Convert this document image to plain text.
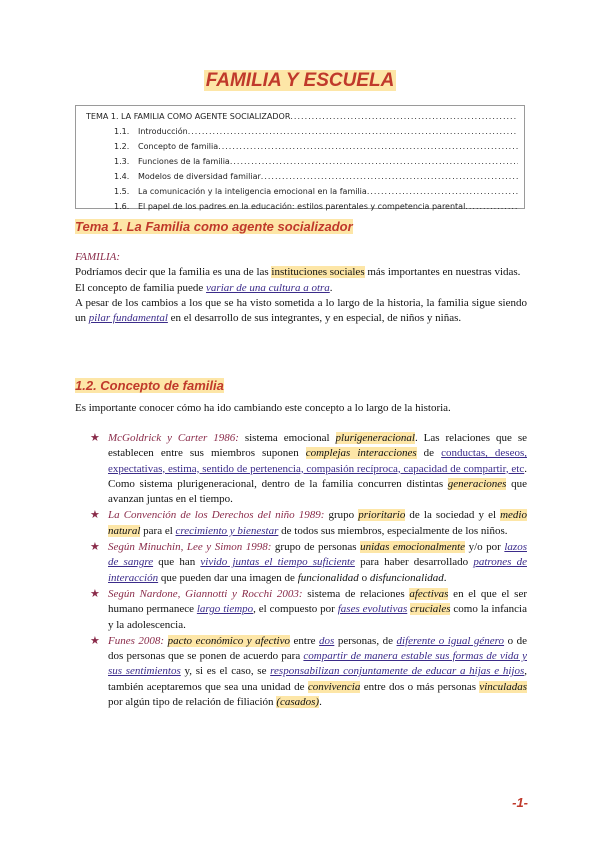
FAMILIA Y ESCUELA
TEMA 1. LA FAMILIA COMO AGENTE SOCIALIZADOR
.....
1.1.	Introducción
.....
1.2.	Concepto de familia
.....
1.3.	Funciones de la familia
.....
1.4.	Modelos de diversidad familiar
.....
1.5.	La comunicación y la inteligencia emocional en la familia
.....
1.6.	El papel de los padres en la educación: estilos parentales y competencia parental
.....
Tema 1. La Familia como agente socializador

FAMILIA:

Podríamos decir que la familia es una de las instituciones sociales más importantes en nuestras vidas.

El concepto de familia puede variar de una cultura a otra.

A pesar de los cambios a los que se ha visto sometida a lo largo de la historia, la familia sigue siendo un pilar fundamental en el desarrollo de sus integrantes, y en especial, de niños y niñas.

1.2. Concepto de familia

Es importante conocer cómo ha ido cambiando este concepto a lo largo de la historia.

★ McGoldrick y Carter 1986: sistema emocional plurigeneracional. Las relaciones que se establecen entre sus miembros suponen complejas interacciones de conductas, deseos, expectativas, estima, sentido de pertenencia, compasión recíproca, capacidad de compartir, etc. Como sistema plurigeneracional, dentro de la familia concurren distintas generaciones que avanzan juntas en el tiempo.
★ La Convención de los Derechos del niño 1989: grupo prioritario de la sociedad y el medio natural para el crecimiento y bienestar de todos sus miembros, especialmente de los niños.
★ Según Minuchin, Lee y Simon 1998: grupo de personas unidas emocionalmente y/o por lazos de sangre que han vivido juntas el tiempo suficiente para haber desarrollado patrones de interacción que pueden dar una imagen de funcionalidad o disfuncionalidad.
★ Según Nardone, Giannotti y Rocchi 2003: sistema de relaciones afectivas en el que el ser humano permanece largo tiempo, el compuesto por fases evolutivas cruciales como la infancia y la adolescencia.
★ Funes 2008: pacto económico y afectivo entre dos personas, de diferente o igual género o de dos personas que se ponen de acuerdo para compartir de manera estable sus formas de vida y sus sentimientos y, si es el caso, se responsabilizan conjuntamente de educar a hijas e hijos, también aceptaremos que sea una unidad de convivencia entre dos o más personas vinculadas por algún tipo de relación de filiación (casados).
-1-
